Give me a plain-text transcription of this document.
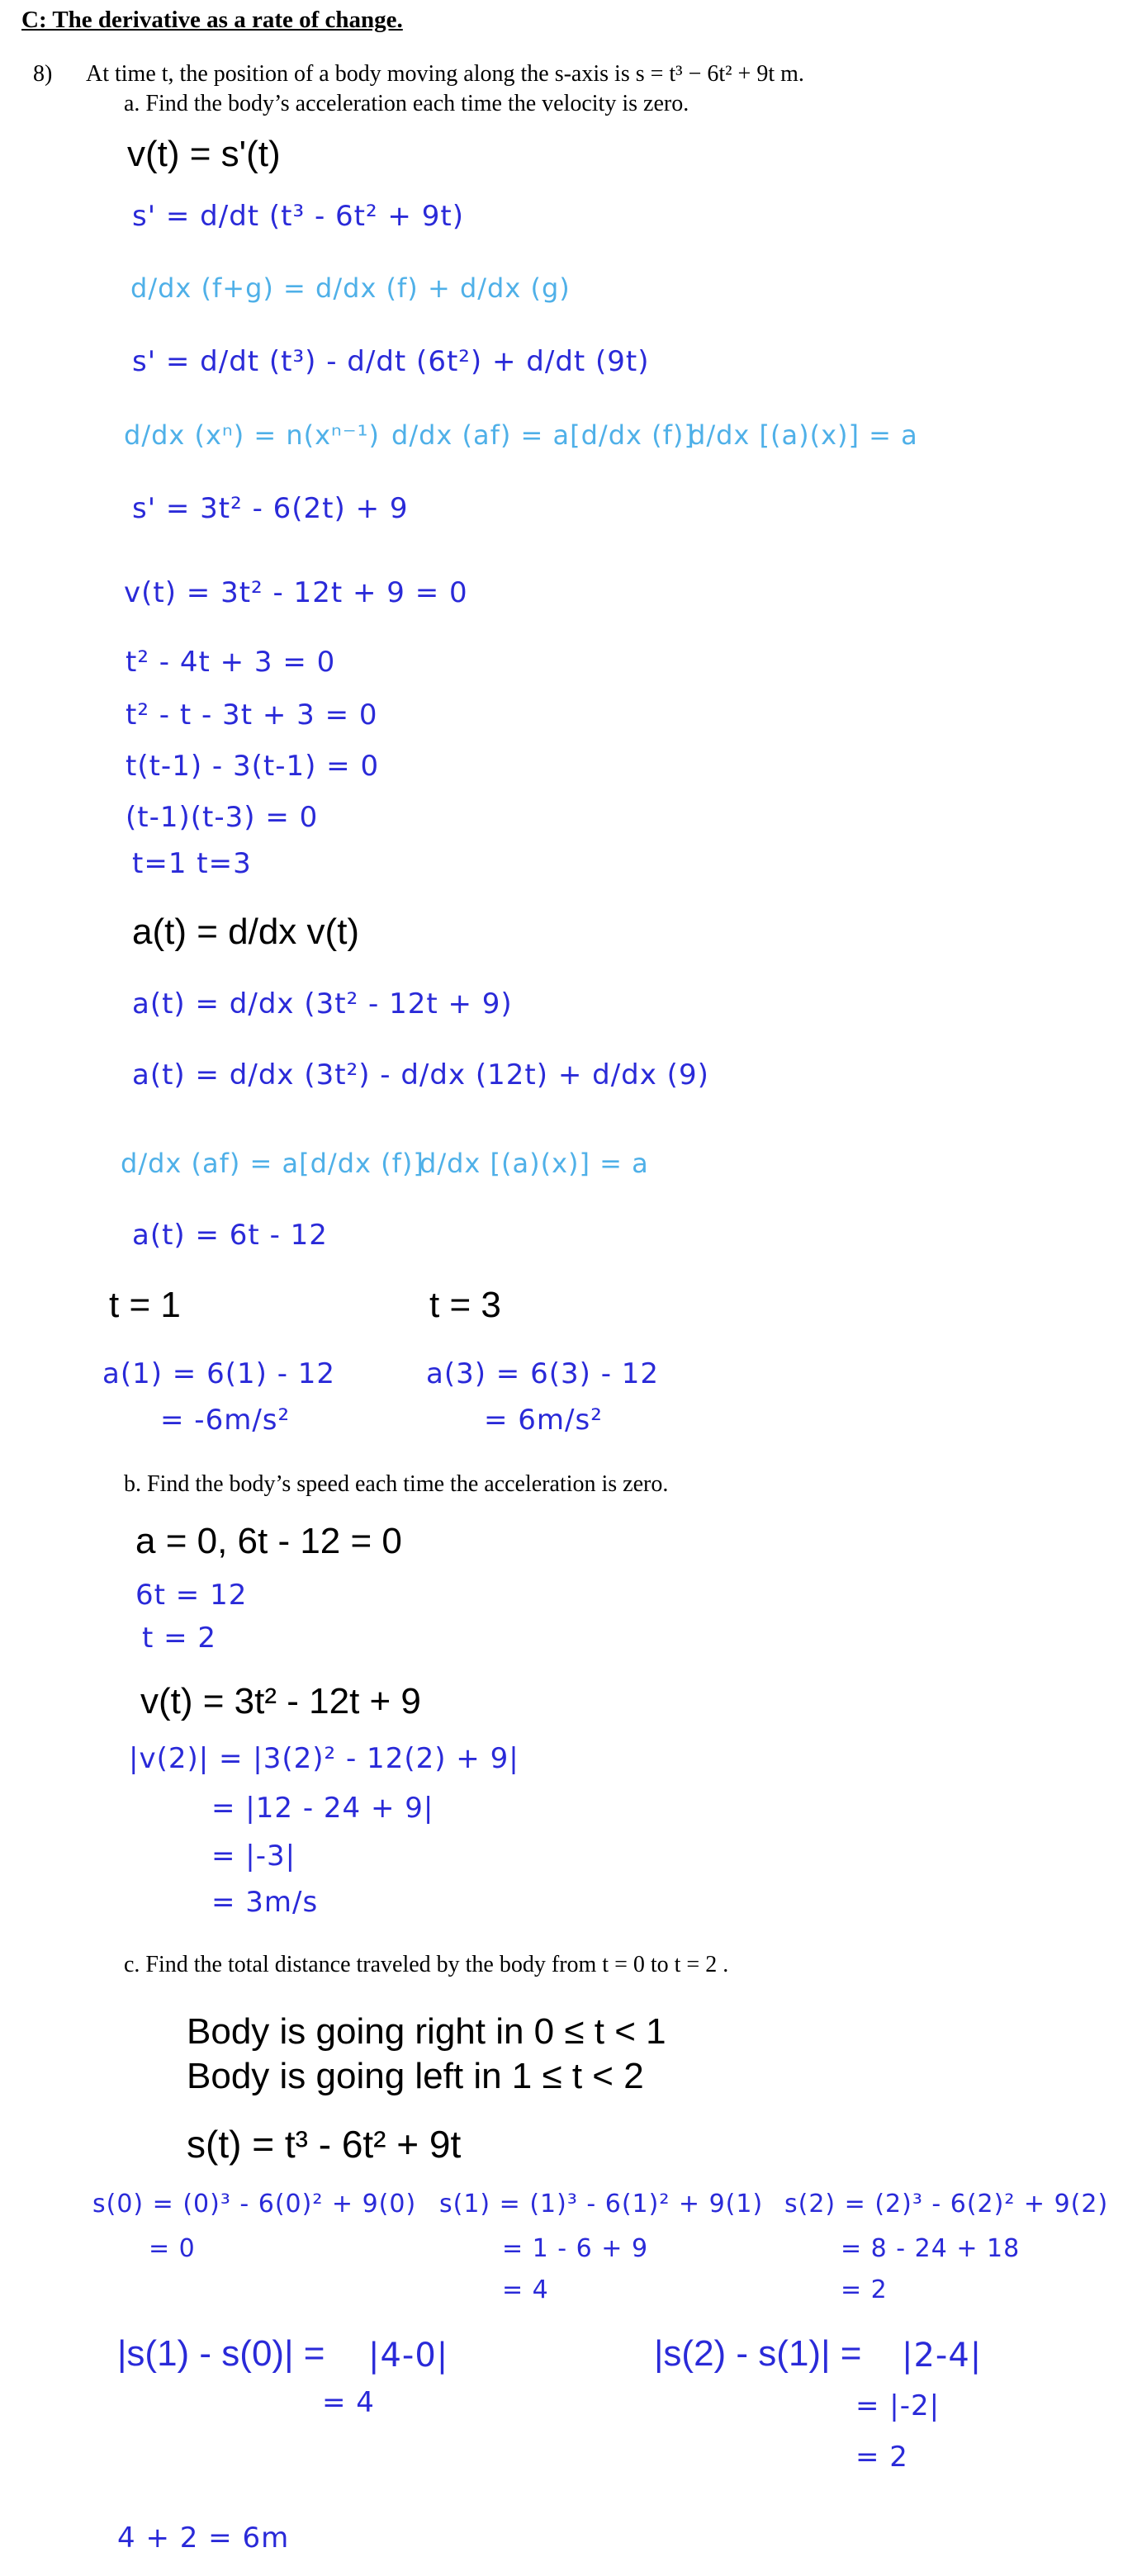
C: The derivative as a rate of change.
8) At time t, the position of a body moving along the s-axis is s = t³ − 6t² + 9t m.
a. Find the body’s acceleration each time the velocity is zero.
v(t) = s'(t)
s' = d/dt (t³ - 6t² + 9t)
d/dx (f+g) = d/dx (f) + d/dx (g)
s' = d/dt (t³) - d/dt (6t²) + d/dt (9t)
d/dx (xⁿ) = n(xⁿ⁻¹) d/dx (af) = a[d/dx (f)]
d/dx [(a)(x)] = a
s' = 3t² - 6(2t) + 9
v(t) = 3t² - 12t + 9 = 0
t² - 4t + 3 = 0
t² - t - 3t + 3 = 0
t(t-1) - 3(t-1) = 0
(t-1)(t-3) = 0
t=1 t=3
a(t) = d/dx v(t)
a(t) = d/dx (3t² - 12t + 9)
a(t) = d/dx (3t²) - d/dx (12t) + d/dx (9)
d/dx (af) = a[d/dx (f)]
d/dx [(a)(x)] = a
a(t) = 6t - 12
t = 1	t = 3
a(1) = 6(1) - 12
= -6m/s²
a(3) = 6(3) - 12
= 6m/s²
b. Find the body’s speed each time the acceleration is zero.
a = 0, 6t - 12 = 0
6t = 12
t = 2
v(t) = 3t² - 12t + 9
|v(2)| = |3(2)² - 12(2) + 9|
= |12 - 24 + 9|
= |-3|
= 3m/s
c. Find the total distance traveled by the body from t = 0 to t = 2 .
Body is going right in 0 ≤ t < 1
Body is going left in 1 ≤ t < 2
s(t) = t³ - 6t² + 9t
s(0) = (0)³ - 6(0)² + 9(0)
= 0
s(1) = (1)³ - 6(1)² + 9(1)
= 1 - 6 + 9
= 4
s(2) = (2)³ - 6(2)² + 9(2)
= 8 - 24 + 18
= 2
|s(1) - s(0)| = |4-0|
= 4
|s(2) - s(1)| = |2-4|
= |-2|
= 2
4 + 2 = 6m
